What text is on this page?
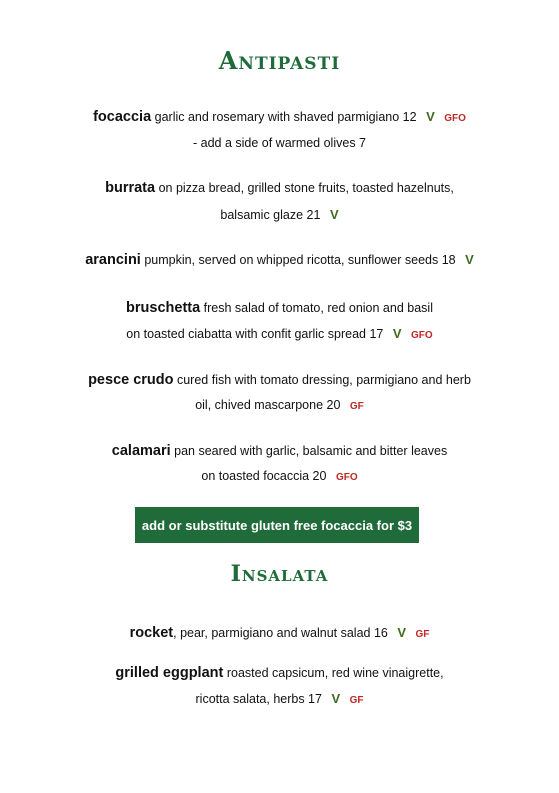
Antipasti
focaccia garlic and rosemary with shaved parmigiano 12 V GFO
- add a side of warmed olives 7
burrata on pizza bread, grilled stone fruits, toasted hazelnuts,
balsamic glaze 21 V
arancini pumpkin, served on whipped ricotta, sunflower seeds 18 V
bruschetta fresh salad of tomato, red onion and basil
on toasted ciabatta with confit garlic spread 17 V GFO
pesce crudo cured fish with tomato dressing, parmigiano and herb
oil, chived mascarpone 20 GF
calamari pan seared with garlic, balsamic and bitter leaves
on toasted focaccia 20 GFO
add or substitute gluten free focaccia for $3
Insalata
rocket, pear, parmigiano and walnut salad 16 V GF
grilled eggplant roasted capsicum, red wine vinaigrette,
ricotta salata, herbs 17 V GF
